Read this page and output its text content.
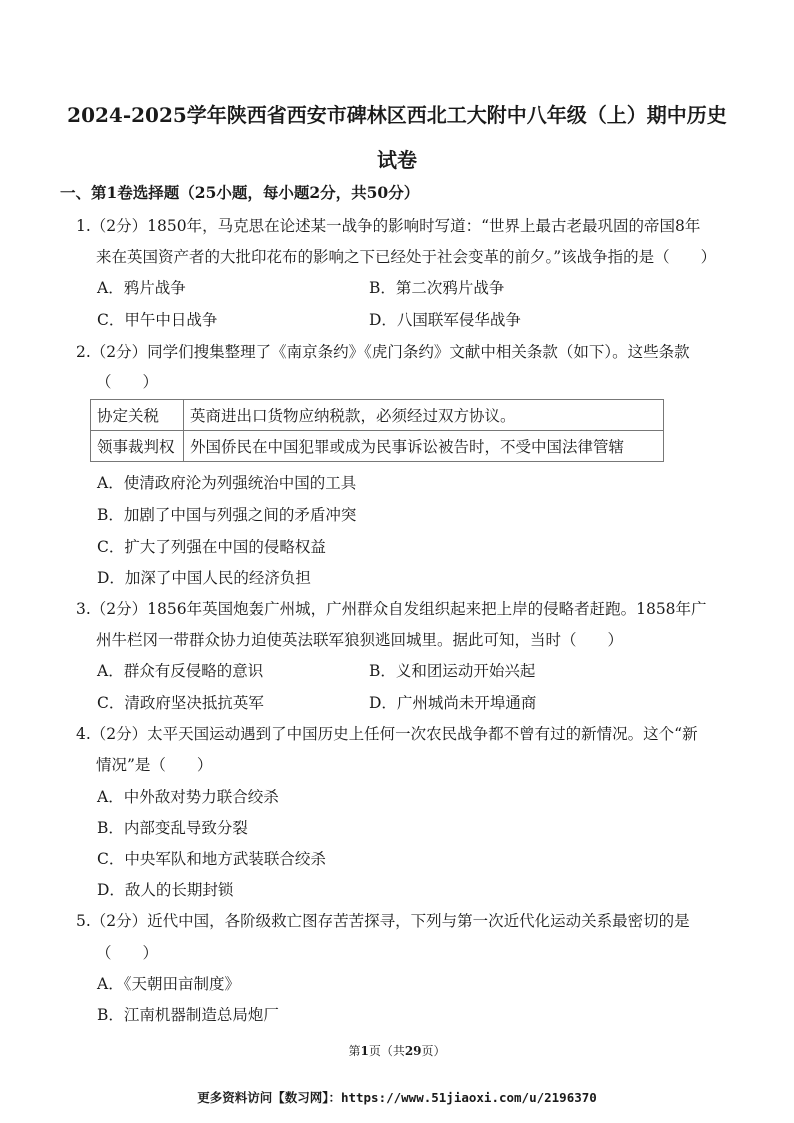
2024-2025学年陕西省西安市碑林区西北工大附中八年级（上）期中历史
试卷
一、第1卷选择题（25小题，每小题2分，共50分）
1.（2分）1850年，马克思在论述某一战争的影响时写道：“世界上最古老最巩固的帝国8年
来在英国资产者的大批印花布的影响之下已经处于社会变革的前夕。”该战争指的是（　　）
A．鸦片战争	B．第二次鸦片战争
C．甲午中日战争	D．八国联军侵华战争
2.（2分）同学们搜集整理了《南京条约》《虎门条约》文献中相关条款（如下）。这些条款
（　　）
协定关税	英商进出口货物应纳税款，必须经过双方协议。
领事裁判权	外国侨民在中国犯罪或成为民事诉讼被告时，不受中国法律管辖
A．使清政府沦为列强统治中国的工具
B．加剧了中国与列强之间的矛盾冲突
C．扩大了列强在中国的侵略权益
D．加深了中国人民的经济负担
3.（2分）1856年英国炮轰广州城，广州群众自发组织起来把上岸的侵略者赶跑。1858年广
州牛栏冈一带群众协力迫使英法联军狼狈逃回城里。据此可知，当时（　　）
A．群众有反侵略的意识	B．义和团运动开始兴起
C．清政府坚决抵抗英军	D．广州城尚未开埠通商
4.（2分）太平天国运动遇到了中国历史上任何一次农民战争都不曾有过的新情况。这个“新
情况”是（　　）
A．中外敌对势力联合绞杀
B．内部变乱导致分裂
C．中央军队和地方武装联合绞杀
D．敌人的长期封锁
5.（2分）近代中国，各阶级救亡图存苦苦探寻，下列与第一次近代化运动关系最密切的是
（　　）
A．《天朝田亩制度》
B．江南机器制造总局炮厂
第1页（共29页）
更多资料访问【数习网】：https://www.51jiaoxi.com/u/2196370
